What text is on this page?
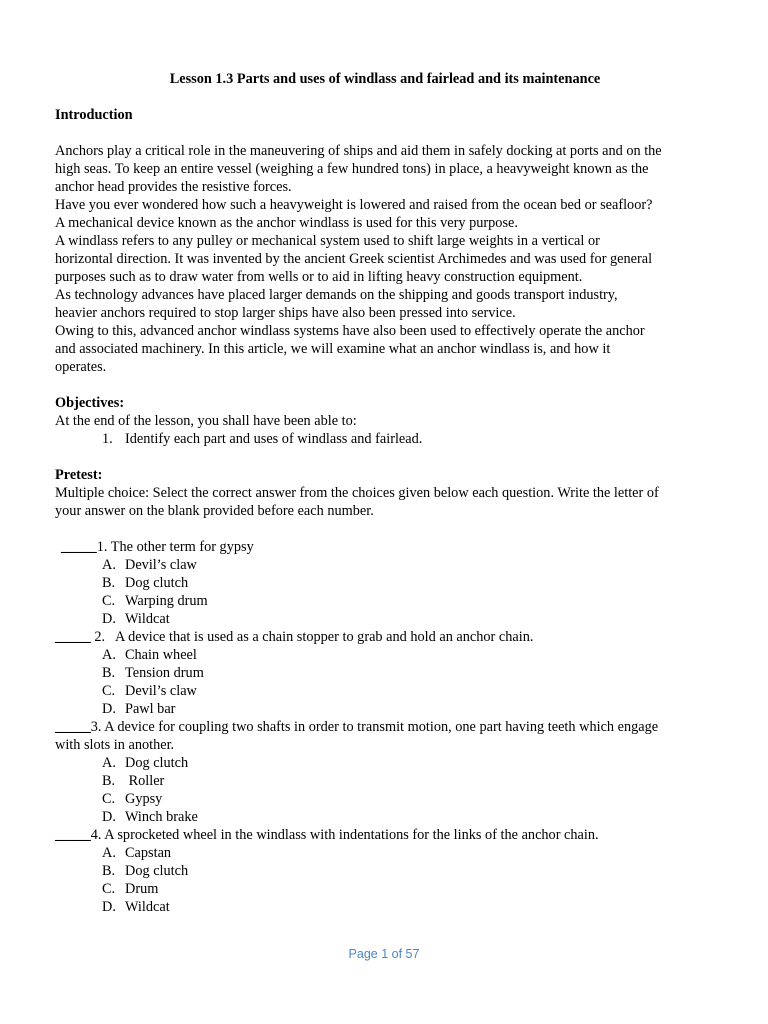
Lesson 1.3 Parts and uses of windlass and fairlead and its maintenance

Introduction

Anchors play a critical role in the maneuvering of ships and aid them in safely docking at ports and on the

high seas. To keep an entire vessel (weighing a few hundred tons) in place, a heavyweight known as the

anchor head provides the resistive forces.

Have you ever wondered how such a heavyweight is lowered and raised from the ocean bed or seafloor?

A mechanical device known as the anchor windlass is used for this very purpose.

A windlass refers to any pulley or mechanical system used to shift large weights in a vertical or

horizontal direction. It was invented by the ancient Greek scientist Archimedes and was used for general

purposes such as to draw water from wells or to aid in lifting heavy construction equipment.

As technology advances have placed larger demands on the shipping and goods transport industry,

heavier anchors required to stop larger ships have also been pressed into service.

Owing to this, advanced anchor windlass systems have also been used to effectively operate the anchor

and associated machinery. In this article, we will examine what an anchor windlass is, and how it

operates.

Objectives:

At the end of the lesson, you shall have been able to:

1. Identify each part and uses of windlass and fairlead.

Pretest:

Multiple choice: Select the correct answer from the choices given below each question. Write the letter of

your answer on the blank provided before each number.

_____1. The other term for gypsy

A. Devil’s claw

B. Dog clutch

C. Warping drum

D. Wildcat

_____ 2.   A device that is used as a chain stopper to grab and hold an anchor chain.

A. Chain wheel

B. Tension drum

C. Devil’s claw

D. Pawl bar

_____3. A device for coupling two shafts in order to transmit motion, one part having teeth which engage

with slots in another.

A. Dog clutch

B. Roller

C. Gypsy

D. Winch brake

_____4. A sprocketed wheel in the windlass with indentations for the links of the anchor chain.

A. Capstan

B. Dog clutch

C. Drum

D. Wildcat

Page 1 of 57
